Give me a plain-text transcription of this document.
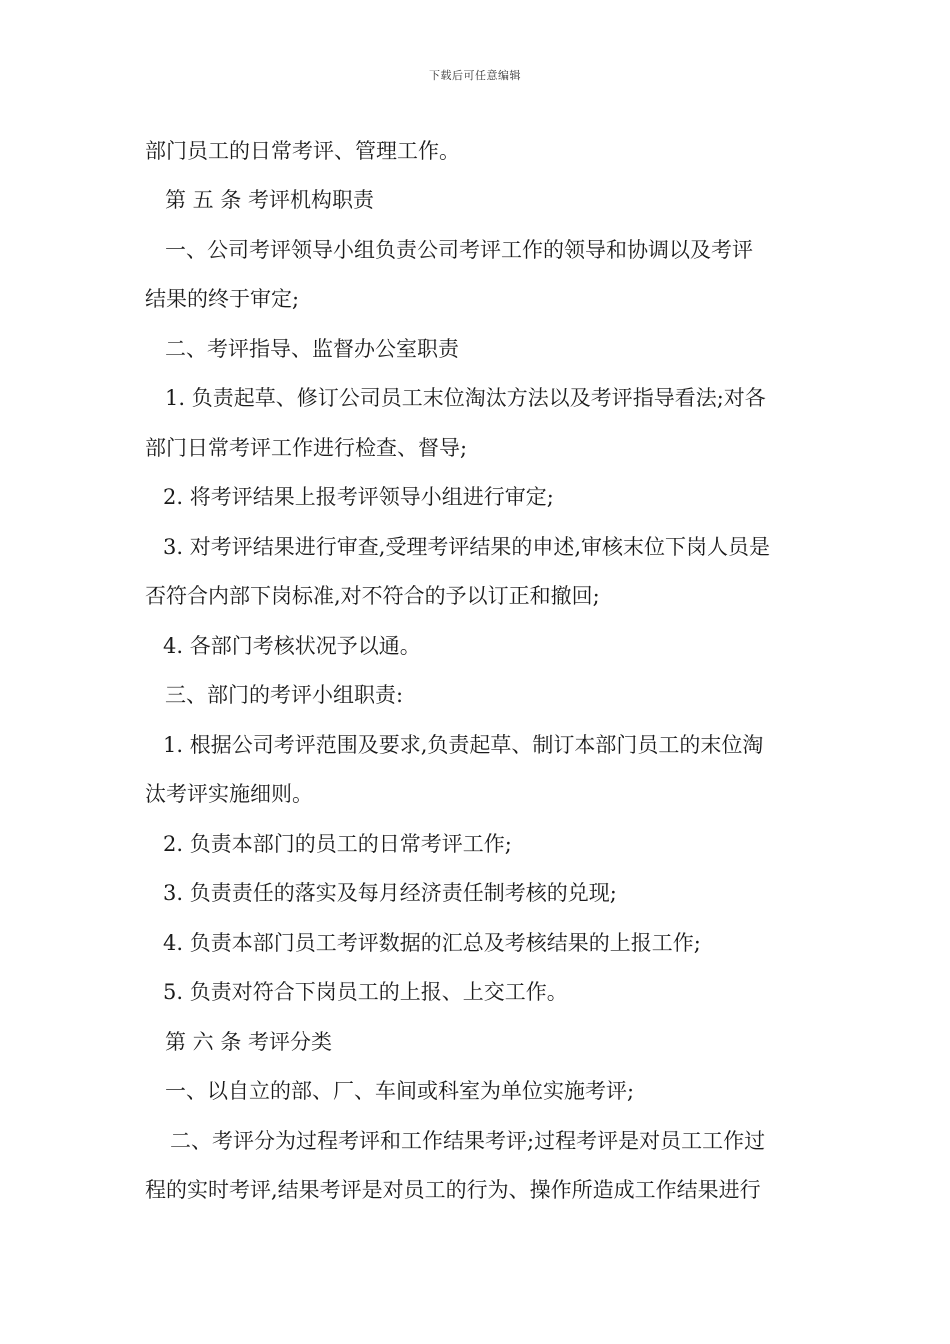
下载后可任意编辑
部门员工的日常考评、管理工作。
第 五 条 考评机构职责
一、公司考评领导小组负责公司考评工作的领导和协调以及考评
结果的终于审定;
二、考评指导、监督办公室职责
1. 负责起草、修订公司员工末位淘汰方法以及考评指导看法;对各
部门日常考评工作进行检查、督导;
2. 将考评结果上报考评领导小组进行审定;
3. 对考评结果进行审查,受理考评结果的申述,审核末位下岗人员是
否符合内部下岗标准,对不符合的予以订正和撤回;
4. 各部门考核状况予以通。
三、部门的考评小组职责:
1. 根据公司考评范围及要求,负责起草、制订本部门员工的末位淘
汰考评实施细则。
2. 负责本部门的员工的日常考评工作;
3. 负责责任的落实及每月经济责任制考核的兑现;
4. 负责本部门员工考评数据的汇总及考核结果的上报工作;
5. 负责对符合下岗员工的上报、上交工作。
第 六 条 考评分类
一、以自立的部、厂、车间或科室为单位实施考评;
二、考评分为过程考评和工作结果考评;过程考评是对员工工作过
程的实时考评,结果考评是对员工的行为、操作所造成工作结果进行
